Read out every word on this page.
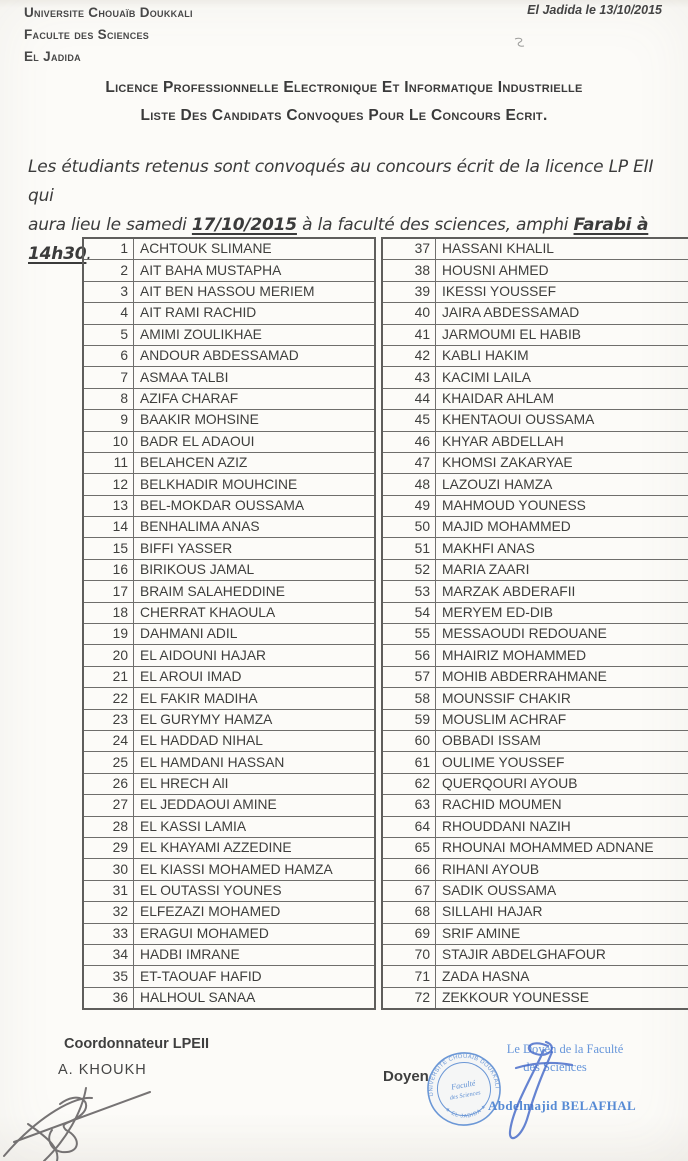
Universite Chouaïb Doukkali
Faculte des Sciences
El Jadida
El Jadida le 13/10/2015
Licence Professionnelle Electronique Et Informatique Industrielle
Liste Des Candidats Convoques Pour Le Concours Ecrit.
Les étudiants retenus sont convoqués au concours écrit de la licence LP EII qui
aura lieu le samedi 17/10/2015 à la faculté des sciences, amphi Farabi à 14h30.	1	ACHTOUK SLIMANE
2	AIT BAHA MUSTAPHA
3	AIT BEN HASSOU MERIEM
4	AIT RAMI RACHID
5	AMIMI ZOULIKHAE
6	ANDOUR ABDESSAMAD
7	ASMAA TALBI
8	AZIFA CHARAF
9	BAAKIR MOHSINE
10	BADR EL ADAOUI
11	BELAHCEN AZIZ
12	BELKHADIR MOUHCINE
13	BEL-MOKDAR OUSSAMA
14	BENHALIMA ANAS
15	BIFFI YASSER
16	BIRIKOUS JAMAL
17	BRAIM SALAHEDDINE
18	CHERRAT KHAOULA
19	DAHMANI ADIL
20	EL AIDOUNI HAJAR
21	EL AROUI IMAD
22	EL FAKIR MADIHA
23	EL GURYMY HAMZA
24	EL HADDAD NIHAL
25	EL HAMDANI HASSAN
26	EL HRECH AlI
27	EL JEDDAOUI AMINE
28	EL KASSI LAMIA
29	EL KHAYAMI AZZEDINE
30	EL KIASSI MOHAMED HAMZA
31	EL OUTASSI YOUNES
32	ELFEZAZI MOHAMED
33	ERAGUI MOHAMED
34	HADBI IMRANE
35	ET-TAOUAF HAFID
36	HALHOUL SANAA
37	HASSANI KHALIL
38	HOUSNI AHMED
39	IKESSI YOUSSEF
40	JAIRA ABDESSAMAD
41	JARMOUMI EL HABIB
42	KABLI HAKIM
43	KACIMI LAILA
44	KHAIDAR AHLAM
45	KHENTAOUI OUSSAMA
46	KHYAR ABDELLAH
47	KHOMSI ZAKARYAE
48	LAZOUZI HAMZA
49	MAHMOUD YOUNESS
50	MAJID MOHAMMED
51	MAKHFI ANAS
52	MARIA ZAARI
53	MARZAK ABDERAFII
54	MERYEM ED-DIB
55	MESSAOUDI REDOUANE
56	MHAIRIZ MOHAMMED
57	MOHIB ABDERRAHMANE
58	MOUNSSIF CHAKIR
59	MOUSLIM ACHRAF
60	OBBADI ISSAM
61	OULIME YOUSSEF
62	QUERQOURI AYOUB
63	RACHID MOUMEN
64	RHOUDDANI NAZIH
65	RHOUNAI MOHAMMED ADNANE
66	RIHANI AYOUB
67	SADIK OUSSAMA
68	SILLAHI HAJAR
69	SRIF AMINE
70	STAJIR ABDELGHAFOUR
71	ZADA HASNA
72	ZEKKOUR YOUNESSE
Coordonnateur LPEII
A. KHOUKH	Doyen
UNIVERSITE CHOUAIB DOUKKALI
★ EL JADIDA ★
Faculté
des Sciences
Le Doyen de la Faculté
des Sciences
Abdelmajid BELAFHAL
